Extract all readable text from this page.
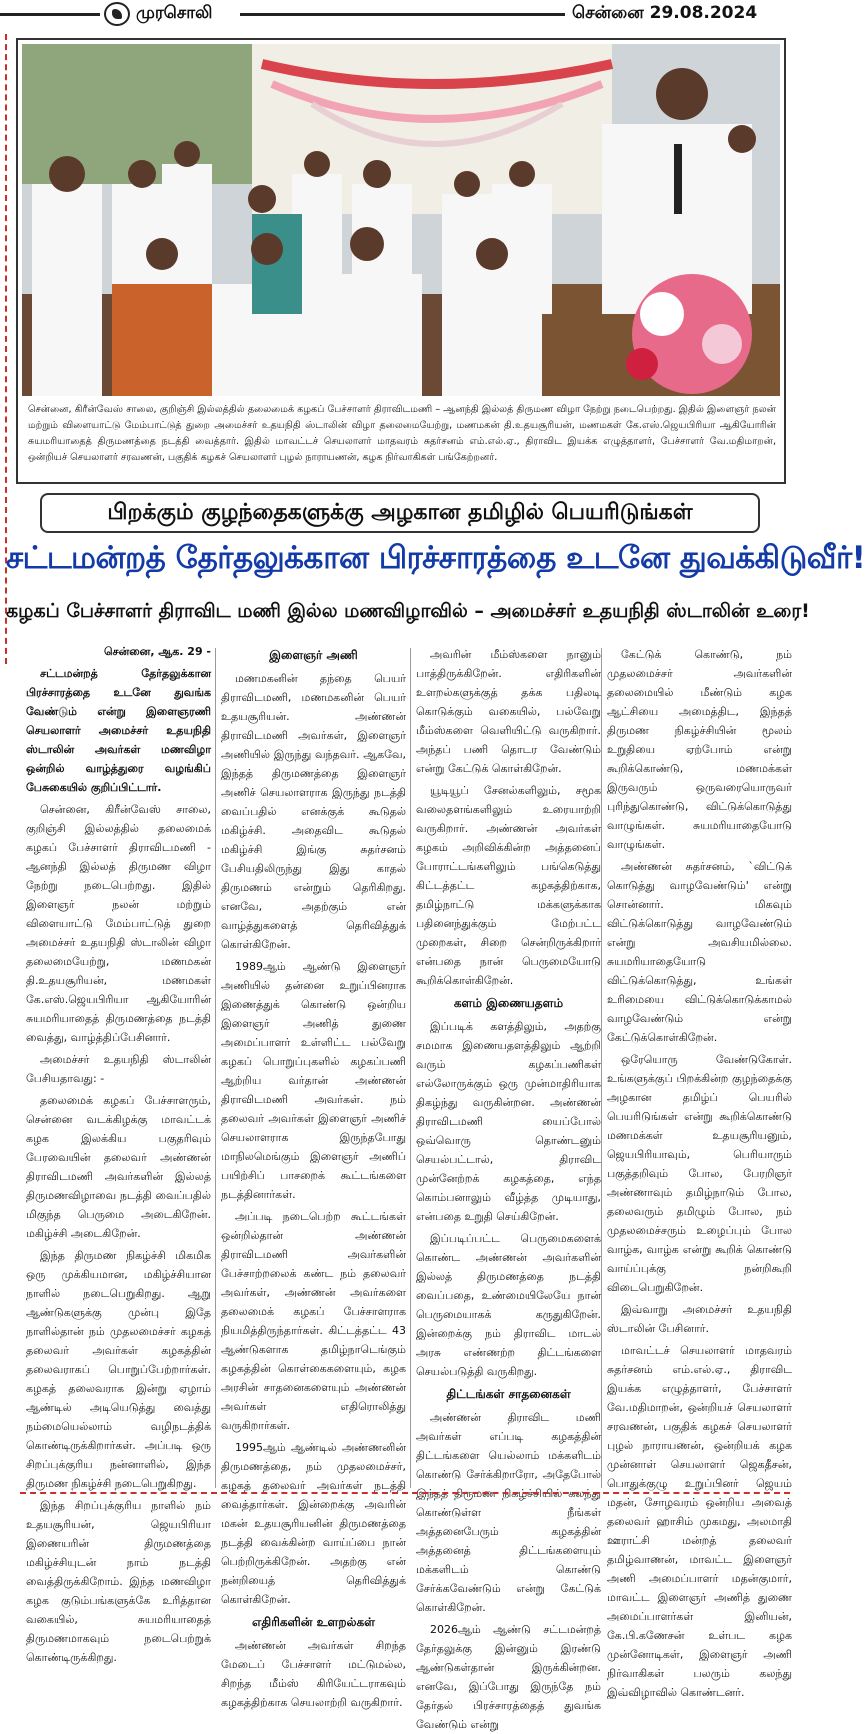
முரசொலி	சென்னை 29.08.2024
சென்னை, கிரீன்வேஸ் சாலை, குறிஞ்சி இல்லத்தில் தலைமைக் கழகப் பேச்சாளர் திராவிடமணி – ஆனந்தி இல்லத் திருமண விழா நேற்று நடைபெற்றது. இதில் இளைஞர் நலன் மற்றும் விளையாட்டு மேம்பாட்டுத் துறை அமைச்சர் உதயநிதி ஸ்டாலின் விழா தலைமையேற்று, மணமகன் தி.உதயசூரியன், மணமகள் கே.எஸ்.ஜெயபிரியா ஆகியோரின் சுயமரியாதைத் திருமணத்தை நடத்தி வைத்தார். இதில் மாவட்டச் செயலாளர் மாதவரம் சுதர்சனம் எம்.எல்.ஏ., திராவிட இயக்க எழுத்தாளர், பேச்சாளர் வே.மதிமாறன், ஒன்றியச் செயலாளர் சரவணன், பகுதிக் கழகச் செயலாளர் புழல் நாராயணன், கழக நிர்வாகிகள் பங்கேற்றனர்.
பிறக்கும் குழந்தைகளுக்கு அழகான தமிழில் பெயரிடுங்கள்
சட்டமன்றத் தேர்தலுக்கான பிரச்சாரத்தை உடனே துவக்கிடுவீர்!
கழகப் பேச்சாளர் திராவிட மணி இல்ல மணவிழாவில் – அமைச்சர் உதயநிதி ஸ்டாலின் உரை!
சென்னை, ஆக. 29 -

சட்டமன்றத் தேர்தலுக்கான பிரச்சாரத்தை உடனே துவங்க வேண்டும் என்று இளைஞரணி செயலாளர் அமைச்சர் உதயநிதி ஸ்டாலின் அவர்கள் மணவிழா ஒன்றில் வாழ்த்துரை வழங்கிப் பேசுகையில் குறிப்பிட்டார்.

சென்னை, கிரீன்வேஸ் சாலை, குறிஞ்சி இல்லத்தில் தலைமைக் கழகப் பேச்சாளர் திராவிடமணி - ஆனந்தி இல்லத் திருமண விழா நேற்று நடைபெற்றது. இதில் இளைஞர் நலன் மற்றும் விளையாட்டு மேம்பாட்டுத் துறை அமைச்சர் உதயநிதி ஸ்டாலின் விழா தலைமையேற்று, மணமகன் தி.உதயசூரியன், மணமகள் கே.எஸ்.ஜெயபிரியா ஆகியோரின் சுயமரியாதைத் திருமணத்தை நடத்தி வைத்து, வாழ்த்திப்பேசினார்.

அமைச்சர் உதயநிதி ஸ்டாலின் பேசியதாவது: -

தலைமைக் கழகப் பேச்சாளரும், சென்னை வடக்கிழக்கு மாவட்டக் கழக இலக்கிய பகுதரிவும் பேரவையின் தலைவர் அண்ணன் திராவிடமணி அவர்களின் இல்லத் திருமணவிழாவை நடத்தி வைப்பதில் மிகுந்த பெருமை அடைகிறேன். மகிழ்ச்சி அடைகிறேன்.

இந்த திருமண நிகழ்ச்சி மிகமிக ஒரு முக்கியமான, மகிழ்ச்சியான நாளில் நடைபெறுகிறது. ஆறு ஆண்டுகளுக்கு முன்பு இதே நாளில்தான் நம் முதலமைச்சர் கழகத் தலைவர் அவர்கள் கழகத்தின் தலைவராகப் பொறுப்பேற்றார்கள். கழகத் தலைவராக இன்று ஏழாம் ஆண்டில் அடியெடுத்து வைத்து நம்மையெல்லாம் வழிநடத்திக் கொண்டிருக்கிறார்கள். அப்படி ஒரு சிறப்புக்குரிய நன்னாளில், இந்த திருமண நிகழ்ச்சி நடைபெறுகிறது.

இந்த சிறப்புக்குரிய நாளில் நம் உதயசூரியன், ஜெயபிரியா இணையரின் திருமணத்தை மகிழ்ச்சியுடன் நாம் நடத்தி வைத்திருக்கிறோம். இந்த மணவிழா கழக குடும்பங்களுக்கே உரித்தான வகையில், சுயமரியாதைத் திருமணமாகவும் நடைபெற்றுக் கொண்டிருக்கிறது.

இளைஞர் அணி

மணமகனின் தந்தை பெயர் திராவிடமணி, மணமகனின் பெயர் உதயசூரியன். அண்ணன் திராவிடமணி அவர்கள், இளைஞர் அணியில் இருந்து வந்தவர். ஆகவே, இந்தத் திருமணத்தை இளைஞர் அணிச் செயலாளராக இருந்து நடத்தி வைப்பதில் எனக்குக் கூடுதல் மகிழ்ச்சி. அதைவிட கூடுதல் மகிழ்ச்சி இங்கு சுதர்சனம் பேசியதிலிருந்து இது காதல் திருமணம் என்றும் தெரிகிறது. எனவே, அதற்கும் என் வாழ்த்துகளைத் தெரிவித்துக் கொள்கிறேன்.

1989ஆம் ஆண்டு இளைஞர் அணியில் தன்னை உறுப்பினராக இணைத்துக் கொண்டு ஒன்றிய இளைஞர் அணித் துணை அமைப்பாளர் உள்ளிட்ட பல்வேறு கழகப் பொறுப்புகளில் கழகப்பணி ஆற்றிய வர்தான் அண்ணன் திராவிடமணி அவர்கள். நம் தலைவர் அவர்கள் இளைஞர் அணிச் செயலாளராக இருந்தபோது மாநிலமெங்கும் இளைஞர் அணிப் பயிற்சிப் பாசறைக் கூட்டங்களை நடத்தினார்கள்.

அப்படி நடைபெற்ற கூட்டங்கள் ஒன்றில்தான் அண்ணன் திராவிடமணி அவர்களின் பேச்சாற்றலைக் கண்ட நம் தலைவர் அவர்கள், அண்ணன் அவர்களை தலைமைக் கழகப் பேச்சாளராக நியமித்திருந்தார்கள். கிட்டத்தட்ட 43 ஆண்டுகளாக தமிழ்நாடெங்கும் கழகத்தின் கொள்கைகளையும், கழக அரசின் சாதனைகளையும் அண்ணன் அவர்கள் எதிரொலித்து வருகிறார்கள்.

1995ஆம் ஆண்டில் அண்ணனின் திருமணத்தை, நம் முதலமைச்சர், கழகத் தலைவர் அவர்கள் நடத்தி வைத்தார்கள். இன்றைக்கு அவரின் மகன் உதயசூரியனின் திருமணத்தை நடத்தி வைக்கின்ற வாய்ப்பை நான் பெற்றிருக்கிறேன். அதற்கு என் நன்றியைத் தெரிவித்துக் கொள்கிறேன்.

எதிரிகளின் உளறல்கள்

அண்ணன் அவர்கள் சிறந்த மேடைப் பேச்சாளர் மட்டுமல்ல, சிறந்த மீம்ஸ் கிரியேட்டராகவும் கழகத்திற்காக செயலாற்றி வருகிறார்.

அவரின் மீம்ஸ்களை நானும் பாத்திருக்கிறேன். எதிரிகளின் உளறல்களுக்குத் தக்க பதிலடி கொடுக்கும் வகையில், பல்வேறு மீம்ஸ்களை வெளியிட்டு வருகிறார். அந்தப் பணி தொடர வேண்டும் என்று கேட்டுக் கொள்கிறேன்.

யூடியூப் சேனல்களிலும், சமூக வலைதளங்களிலும் உரையாற்றி வருகிறார். அண்ணன் அவர்கள் கழகம் அறிவிக்கின்ற அத்தனைப் போராட்டங்களிலும் பங்கெடுத்து கிட்டத்தட்ட கழகத்திற்காக, தமிழ்நாட்டு மக்களுக்காக பதினைந்துக்கும் மேற்பட்ட முறைகள், சிறை சென்றிருக்கிறார் என்பதை நான் பெருமையோடு கூறிக்கொள்கிறேன்.

களம் இணையதளம்

இப்படிக் களத்திலும், அதற்கு சமமாக இணையதளத்திலும் ஆற்றி வரும் கழகப்பணிகள் எல்லோருக்கும் ஒரு முன்மாதிரியாக திகழ்ந்து வருகின்றன. அண்ணன் திராவிடமணி யைப்போல் ஒவ்வொரு தொண்டனும் செயல்பட்டால், திராவிட முன்னேற்றக் கழகத்தை, எந்த கொம்பனாலும் வீழ்த்த முடியாது, என்பதை உறுதி செய்கிறேன்.

இப்படிப்பட்ட பெருமைகளைக் கொண்ட அண்ணன் அவர்களின் இல்லத் திருமணத்தை நடத்தி வைப்பதை, உண்மையிலேயே நான் பெருமையாகக் கருதுகிறேன். இன்றைக்கு நம் திராவிட மாடல் அரசு எண்ணற்ற திட்டங்களை செயல்படுத்தி வருகிறது.

திட்டங்கள் சாதனைகள்

அண்ணன் திராவிட மணி அவர்கள் எப்படி கழகத்தின் திட்டங்களை யெல்லாம் மக்களிடம் கொண்டு சேர்க்கிறாரோ, அதேபோல் இந்தத் திருமண நிகழ்ச்சியில் கலந்து கொண்டுள்ள நீங்கள் அத்தனைபேரும் கழகத்தின் அத்தனைத் திட்டங்களையும் மக்களிடம் கொண்டு சேர்க்கவேண்டும் என்று கேட்டுக் கொள்கிறேன்.

2026ஆம் ஆண்டு சட்டமன்றத் தேர்தலுக்கு இன்னும் இரண்டு ஆண்டுகள்தான் இருக்கின்றன. எனவே, இப்போது இருந்தே நம் தேர்தல் பிரச்சாரத்தைத் துவங்க வேண்டும் என்று

கேட்டுக் கொண்டு, நம் முதலமைச்சர் அவர்களின் தலைமையில் மீண்டும் கழக ஆட்சியை அமைத்திட, இந்தத் திருமண நிகழ்ச்சியின் மூலம் உறுதியை ஏற்போம் என்று கூறிக்கொண்டு, மணமக்கள் இருவரும் ஒருவரையொருவர் புரிந்துகொண்டு, விட்டுக்கொடுத்து வாழுங்கள். சுயமரியாதையோடு வாழுங்கள்.

அண்ணன் சுதர்சனம், `விட்டுக் கொடுத்து வாழவேண்டும்' என்று சொன்னார். மிகவும் விட்டுக்கொடுத்து வாழவேண்டும் என்று அவசியமில்லை. சுயமரியாதையோடு விட்டுக்கொடுத்து, உங்கள் உரிமையை விட்டுக்கொடுக்காமல் வாழவேண்டும் என்று கேட்டுக்கொள்கிறேன்.

ஒரேயொரு வேண்டுகோள். உங்களுக்குப் பிறக்கின்ற குழந்தைக்கு அழகான தமிழ்ப் பெயரில் பெயரிடுங்கள் என்று கூறிக்கொண்டு மணமக்கள் உதயசூரியனும், ஜெயபிரியாவும், பெரியாரும் பகுத்தறிவும் போல, பேரறிஞர் அண்ணாவும் தமிழ்நாடும் போல, தலைவரும் தமிழும் போல, நம் முதலமைச்சரும் உழைப்பும் போல வாழ்க, வாழ்க என்று கூறிக் கொண்டு வாய்ப்புக்கு நன்றிகூறி விடைபெறுகிறேன்.

இவ்வாறு அமைச்சர் உதயநிதி ஸ்டாலின் பேசினார்.

மாவட்டச் செயலாளர் மாதவரம் சுதர்சனம் எம்.எல்.ஏ., திராவிட இயக்க எழுத்தாளர், பேச்சாளர் வே.மதிமாறன், ஒன்றியச் செயலாளர் சரவணன், பகுதிக் கழகச் செயலாளர் புழல் நாராயணன், ஒன்றியக் கழக முன்னாள் செயலாளர் ஜெகதீசன், பொதுக்குழு உறுப்பினர் ஜெயம் மதன், சோழவரம் ஒன்றிய அவைத் தலைவர் ஹாசிம் முகமது, அலமாதி ஊராட்சி மன்றத் தலைவர் தமிழ்வாணன், மாவட்ட இளைஞர் அணி அமைப்பாளர் மதன்குமார், மாவட்ட இளைஞர் அணித் துணை அமைப்பாளர்கள் இனியன், கே.பி.கணேசன் உள்பட கழக முன்னோடிகள், இளைஞர் அணி நிர்வாகிகள் பலரும் கலந்து இவ்விழாவில் கொண்டனர்.
